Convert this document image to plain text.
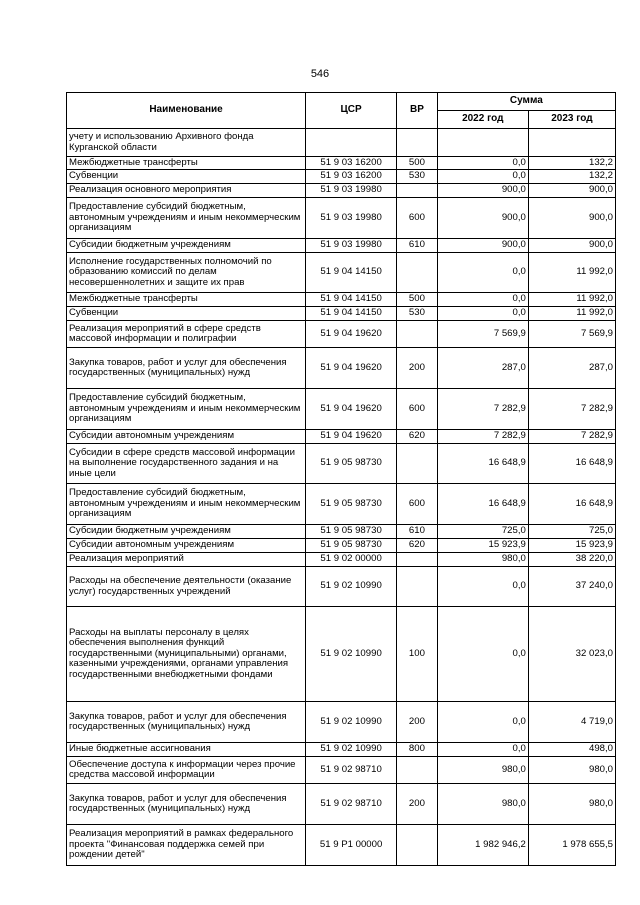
546
Наименование	ЦСР	ВР	Сумма	
			2022 год	2023 год
учету и использованию Архивного фонда Курганской области				
Межбюджетные трансферты	51 9 03 16200	500	0,0	132,2
Субвенции	51 9 03 16200	530	0,0	132,2
Реализация основного мероприятия	51 9 03 19980		900,0	900,0
Предоставление субсидий бюджетным, автономным учреждениям и иным некоммерческим организациям	51 9 03 19980	600	900,0	900,0
Субсидии бюджетным учреждениям	51 9 03 19980	610	900,0	900,0
Исполнение государственных полномочий по образованию комиссий по делам несовершеннолетних и защите их прав	51 9 04 14150		0,0	11 992,0
Межбюджетные трансферты	51 9 04 14150	500	0,0	11 992,0
Субвенции	51 9 04 14150	530	0,0	11 992,0
Реализация мероприятий в сфере средств массовой информации и полиграфии	51 9 04 19620		7 569,9	7 569,9
Закупка товаров, работ и услуг для обеспечения государственных (муниципальных) нужд	51 9 04 19620	200	287,0	287,0
Предоставление субсидий бюджетным, автономным учреждениям и иным некоммерческим организациям	51 9 04 19620	600	7 282,9	7 282,9
Субсидии автономным учреждениям	51 9 04 19620	620	7 282,9	7 282,9
Субсидии в сфере средств массовой информации на выполнение государственного задания и на иные цели	51 9 05 98730		16 648,9	16 648,9
Предоставление субсидий бюджетным, автономным учреждениям и иным некоммерческим организациям	51 9 05 98730	600	16 648,9	16 648,9
Субсидии бюджетным учреждениям	51 9 05 98730	610	725,0	725,0
Субсидии автономным учреждениям	51 9 05 98730	620	15 923,9	15 923,9
Реализация мероприятий	51 9 02 00000		980,0	38 220,0
Расходы на обеспечение деятельности (оказание услуг) государственных учреждений	51 9 02 10990		0,0	37 240,0
Расходы на выплаты персоналу в целях обеспечения выполнения функций государственными (муниципальными) органами, казенными учреждениями, органами управления государственными внебюджетными фондами	51 9 02 10990	100	0,0	32 023,0
Закупка товаров, работ и услуг для обеспечения государственных (муниципальных) нужд	51 9 02 10990	200	0,0	4 719,0
Иные бюджетные ассигнования	51 9 02 10990	800	0,0	498,0
Обеспечение доступа к информации через прочие средства массовой информации	51 9 02 98710		980,0	980,0
Закупка товаров, работ и услуг для обеспечения государственных (муниципальных) нужд	51 9 02 98710	200	980,0	980,0
Реализация мероприятий в рамках федерального проекта "Финансовая поддержка семей при рождении детей"	51 9 P1 00000		1 982 946,2	1 978 655,5
